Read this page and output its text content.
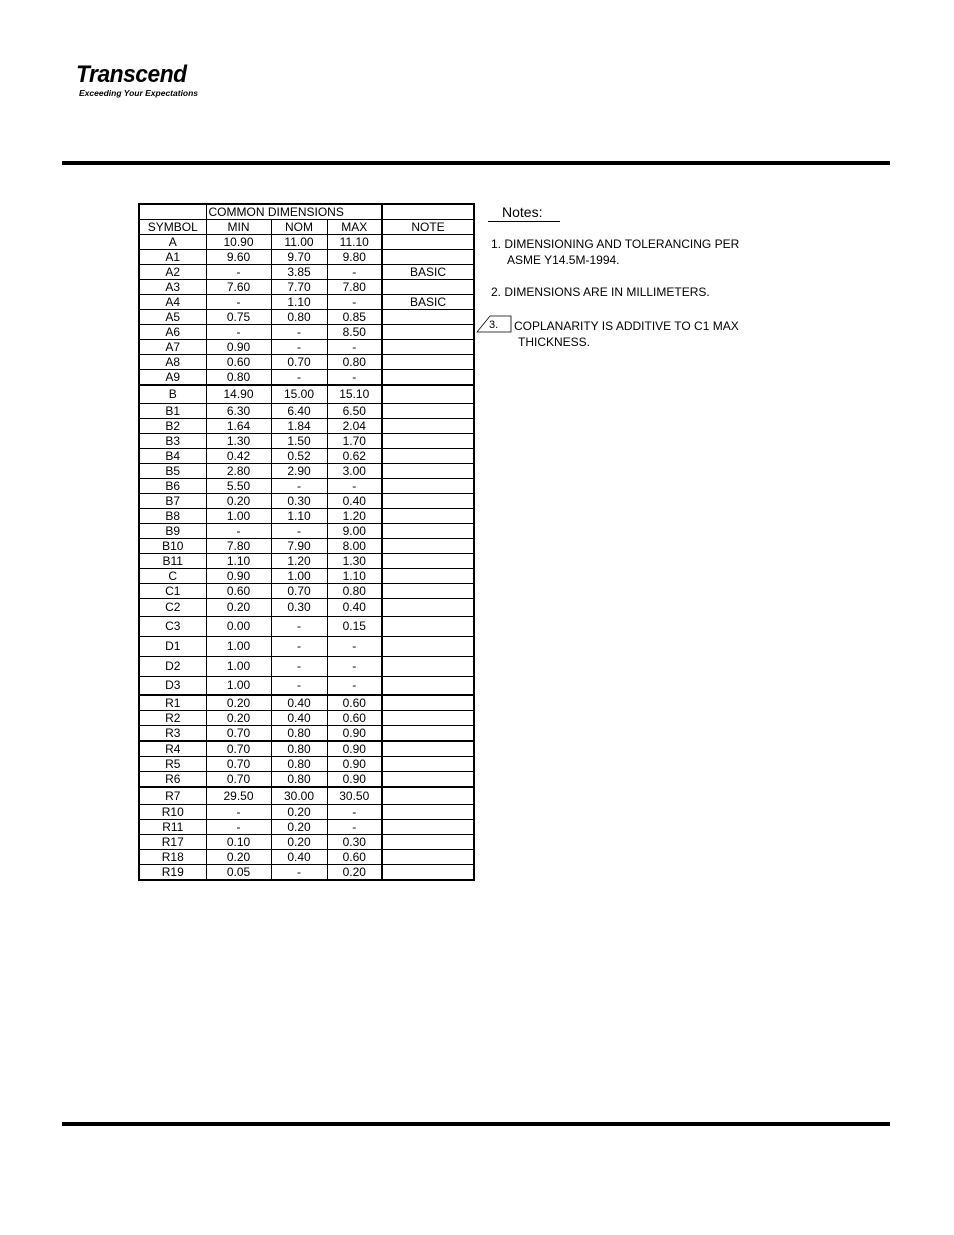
Transcend
Exceeding Your Expectations
	COMMON DIMENSIONS			
SYMBOL	MIN	NOM	MAX	NOTE
A	10.90	11.00	11.10	
A1	9.60	9.70	9.80	
A2	-	3.85	-	BASIC
A3	7.60	7.70	7.80	
A4	-	1.10	-	BASIC
A5	0.75	0.80	0.85	
A6	-	-	8.50	
A7	0.90	-	-	
A8	0.60	0.70	0.80	
A9	0.80	-	-	
B	14.90	15.00	15.10	
B1	6.30	6.40	6.50	
B2	1.64	1.84	2.04	
B3	1.30	1.50	1.70	
B4	0.42	0.52	0.62	
B5	2.80	2.90	3.00	
B6	5.50	-	-	
B7	0.20	0.30	0.40	
B8	1.00	1.10	1.20	
B9	-	-	9.00	
B10	7.80	7.90	8.00	
B11	1.10	1.20	1.30	
C	0.90	1.00	1.10	
C1	0.60	0.70	0.80	
C2	0.20	0.30	0.40	
C3	0.00	-	0.15	
D1	1.00	-	-	
D2	1.00	-	-	
D3	1.00	-	-	
R1	0.20	0.40	0.60	
R2	0.20	0.40	0.60	
R3	0.70	0.80	0.90	
R4	0.70	0.80	0.90	
R5	0.70	0.80	0.90	
R6	0.70	0.80	0.90	
R7	29.50	30.00	30.50	
R10	-	0.20	-	
R11	-	0.20	-	
R17	0.10	0.20	0.30	
R18	0.20	0.40	0.60	
R19	0.05	-	0.20	
Notes:
1. DIMENSIONING AND TOLERANCING PER
ASME Y14.5M-1994.
2. DIMENSIONS ARE IN MILLIMETERS.
3. COPLANARITY IS ADDITIVE TO C1 MAX
THICKNESS.
